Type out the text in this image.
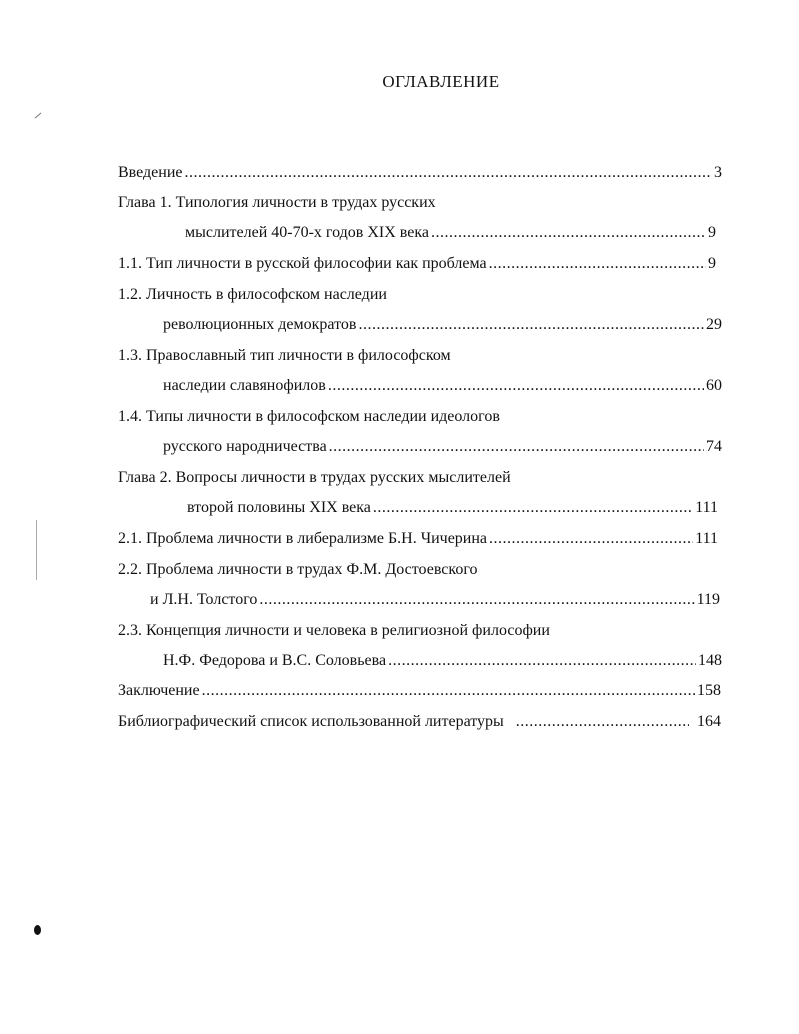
ОГЛАВЛЕНИЕ
Введение .....	3
Глава 1. Типология личности в трудах русских
мыслителей 40-70-х годов XIX века .....	9
1.1. Тип личности в русской философии как проблема .....	9
1.2. Личность в философском наследии
революционных демократов .....	29
1.3. Православный тип личности в философском
наследии славянофилов .....	60
1.4. Типы личности в философском наследии идеологов
русского народничества .....	74
Глава 2. Вопросы личности в трудах русских мыслителей
второй половины XIX века .....	111
2.1. Проблема личности в либерализме Б.Н. Чичерина .....	111
2.2. Проблема личности в трудах Ф.М. Достоевского
и Л.Н. Толстого .....	119
2.3. Концепция личности и человека в религиозной философии
Н.Ф. Федорова и В.С. Соловьева .....	148
Заключение .....	158
Библиографический список использованной литературы .....	164
